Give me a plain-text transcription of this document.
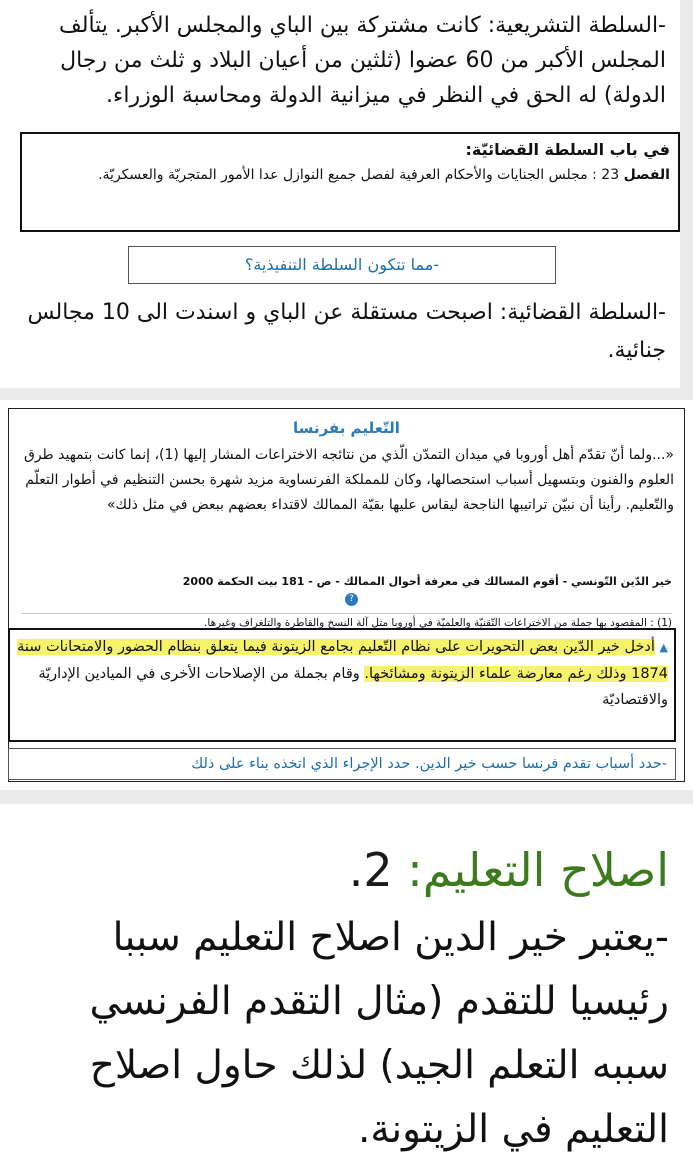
-السلطة التشريعية: كانت مشتركة بين الباي والمجلس الأكبر. يتألف المجلس الأكبر من 60 عضوا (ثلثين من أعيان البلاد و ثلث من رجال الدولة) له الحق في النظر في ميزانية الدولة ومحاسبة الوزراء.
في باب السلطة القضائيّة:
الفصل 23 : مجلس الجنايات والأحكام العرفية لفصل جميع النوازل عدا الأمور المتجريّة والعسكريّة.
-مما تتكون السلطة التنفيذية؟
-السلطة القضائية: اصبحت مستقلة عن الباي و اسندت الى 10 مجالس جنائية.
التّعليم بفرنسا
«...ولما أنّ تقدّم أهل أوروبا في ميدان التمدّن الّذي من نتائجه الاختراعات المشار إليها (1)، إنما كانت بتمهيد طرق العلوم والفنون وبتسهيل أسباب استحصالها، وكان للمملكة الفرنساوية مزيد شهرة بحسن التنظيم في أطوار التعلّم والتّعليم. رأينا أن نبيّن تراتيبها الناجحة ليقاس عليها بقيّة الممالك لاقتداء بعضهم ببعض في مثل ذلك»
خير الدّين التّونسي - أقوم المسالك في معرفة أحوال الممالك - ص - 181 بيت الحكمة 2000
?
(1) : المقصود بها جملة من الاختراعات التّقنيّة والعلميّة في أوروبا مثل آلة النسخ والقاطرة والتلغراف وغيرها.
▲ أدخل خير الدّين بعض التحويرات على نظام التّعليم بجامع الزيتونة فيما يتعلق بنظام الحضور والامتحانات سنة 1874 وذلك رغم معارضة علماء الزيتونة ومشائخها. وقام بجملة من الإصلاحات الأخرى في الميادين الإداريّة والاقتصاديّة
-حدد أسباب تقدم فرنسا حسب خير الدين. حدد الإجراء الذي اتخذه بناء على ذلك
اصلاح التعليم: 2.
-يعتبر خير الدين اصلاح التعليم سببا رئيسيا للتقدم (مثال التقدم الفرنسي سببه التعلم الجيد) لذلك حاول اصلاح التعليم في الزيتونة.
